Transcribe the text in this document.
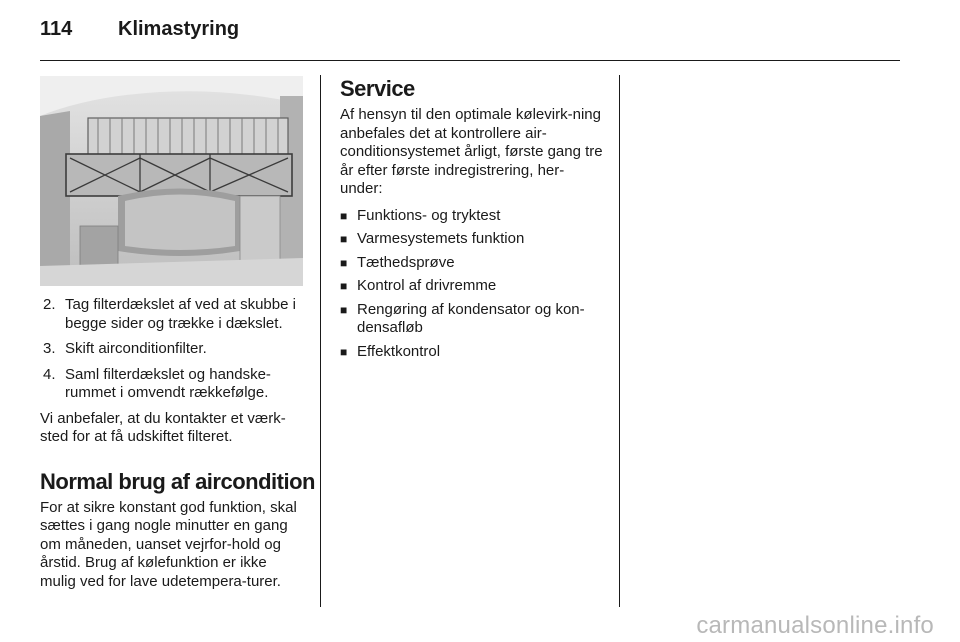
114 Klimastyring
2. Tag filterdækslet af ved at skubbe i begge sider og trække i dækslet.
3. Skift airconditionfilter.
4. Saml filterdækslet og handske-rummet i omvendt rækkefølge.

Vi anbefaler, at du kontakter et værk-sted for at få udskiftet filteret.

Normal brug af aircondition

For at sikre konstant god funktion, skal sættes i gang nogle minutter en gang om måneden, uanset vejrfor-hold og årstid. Brug af kølefunktion er ikke mulig ved for lave udetempera-turer.

Service

Af hensyn til den optimale kølevirk-ning anbefales det at kontrollere air-conditionsystemet årligt, første gang tre år efter første indregistrering, her-under:

■ Funktions- og tryktest
■ Varmesystemets funktion
■ Tæthedsprøve
■ Kontrol af drivremme
■ Rengøring af kondensator og kon-densafløb
■ Effektkontrol
carmanualsonline.info
